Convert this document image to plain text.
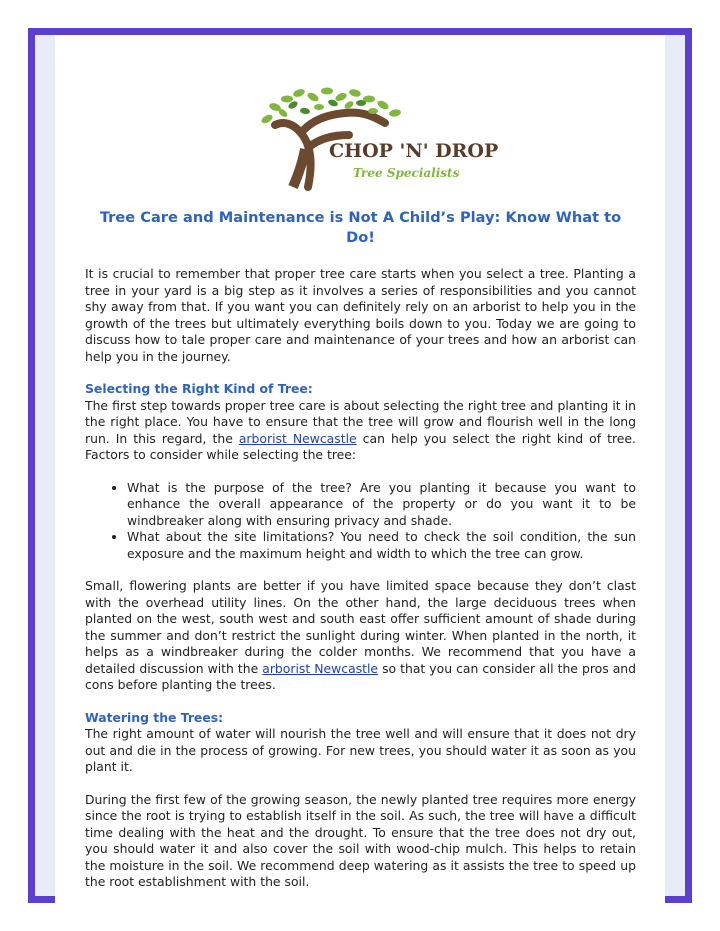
CHOP 'N' DROP
Tree Specialists
Tree Care and Maintenance is Not A Child’s Play: Know What to Do!

It is crucial to remember that proper tree care starts when you select a tree. Planting a tree in your yard is a big step as it involves a series of responsibilities and you cannot shy away from that. If you want you can definitely rely on an arborist to help you in the growth of the trees but ultimately everything boils down to you. Today we are going to discuss how to tale proper care and maintenance of your trees and how an arborist can help you in the journey.

Selecting the Right Kind of Tree:

The first step towards proper tree care is about selecting the right tree and planting it in the right place. You have to ensure that the tree will grow and flourish well in the long run. In this regard, the arborist Newcastle can help you select the right kind of tree. Factors to consider while selecting the tree:

• What is the purpose of the tree? Are you planting it because you want to enhance the overall appearance of the property or do you want it to be windbreaker along with ensuring privacy and shade.
• What about the site limitations? You need to check the soil condition, the sun exposure and the maximum height and width to which the tree can grow.

Small, flowering plants are better if you have limited space because they don’t clast with the overhead utility lines. On the other hand, the large deciduous trees when planted on the west, south west and south east offer sufficient amount of shade during the summer and don’t restrict the sunlight during winter. When planted in the north, it helps as a windbreaker during the colder months. We recommend that you have a detailed discussion with the arborist Newcastle so that you can consider all the pros and cons before planting the trees.

Watering the Trees:

The right amount of water will nourish the tree well and will ensure that it does not dry out and die in the process of growing. For new trees, you should water it as soon as you plant it.

During the first few of the growing season, the newly planted tree requires more energy since the root is trying to establish itself in the soil. As such, the tree will have a difficult time dealing with the heat and the drought. To ensure that the tree does not dry out, you should water it and also cover the soil with wood-chip mulch. This helps to retain the moisture in the soil. We recommend deep watering as it assists the tree to speed up the root establishment with the soil.
